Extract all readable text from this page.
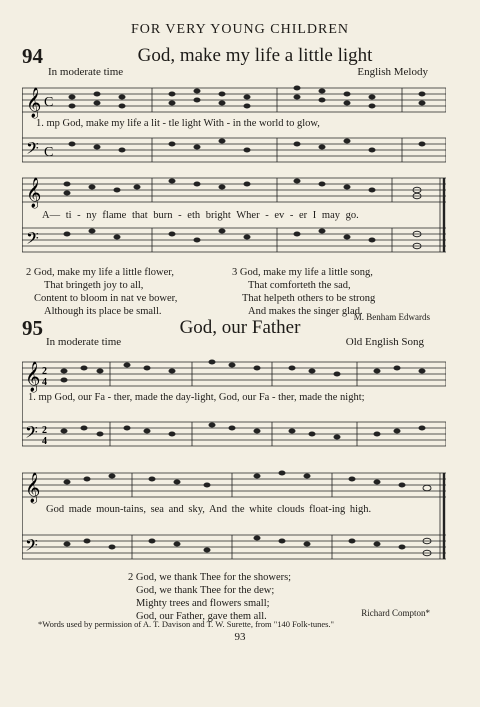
FOR VERY YOUNG CHILDREN
94	God, make my life a little light
In moderate time	English Melody
𝄞 C
𝄢 C
1. mp God, make my life a lit - tle light With - in the world to glow,
𝄞
𝄢
A— ti - ny flame that burn - eth bright Wher - ev - er I may go.
2 God, make my life a little flower,
That bringeth joy to all,
Content to bloom in nat ve bower,
Although its place be small.
3 God, make my life a little song,
That comforteth the sad,
That helpeth others to be strong
And makes the singer glad.
M. Benham Edwards
95	God, our Father
In moderate time	Old English Song
𝄞 2
4
𝄢 2
4
1. mp God, our Fa - ther, made the day-light, God, our Fa - ther, made the night;
𝄞
𝄢
God made moun-tains, sea and sky, And the white clouds float-ing high.
2 God, we thank Thee for the showers;
God, we thank Thee for the dew;
Mighty trees and flowers small;
God, our Father, gave them all.	Richard Compton*
*Words used by permission of A. T. Davison and T. W. Surette, from "140 Folk-tunes."
93
